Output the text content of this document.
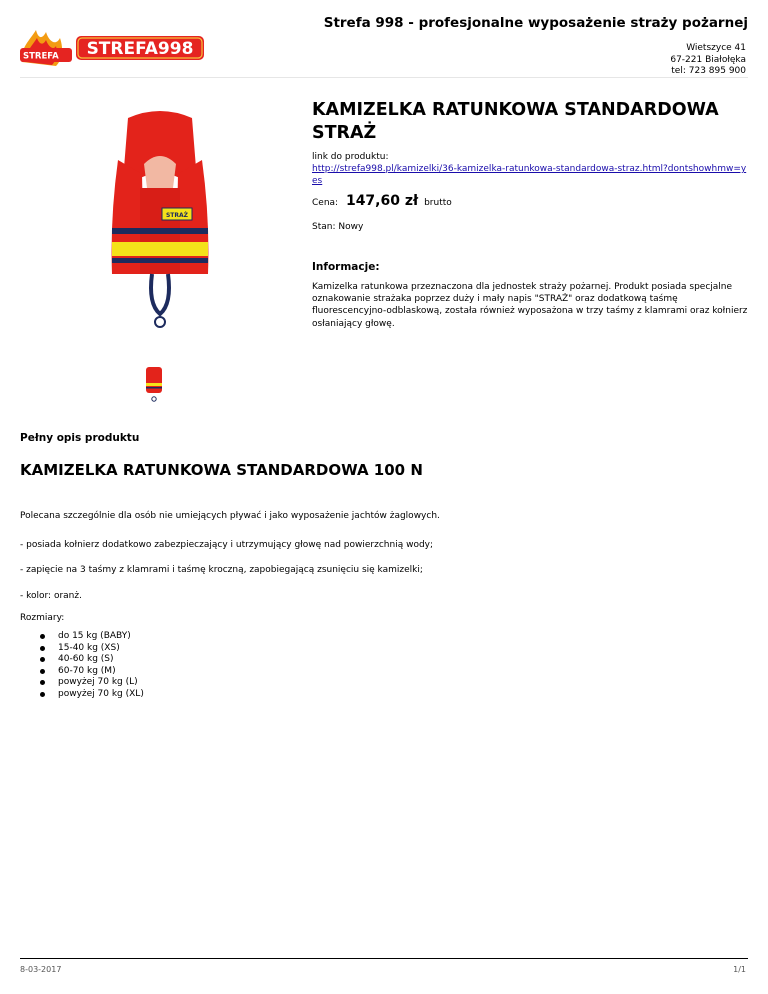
Strefa 998 - profesjonalne wyposażenie straży pożarnej
STREFA STREFA998	Wietszyce 41
67-221 Białołęka
tel: 723 895 900
STRAŻ
KAMIZELKA RATUNKOWA STANDARDOWA STRAŻ
link do produktu:
http://strefa998.pl/kamizelki/36-kamizelka-ratunkowa-standardowa-straz.html?dontshowhmw=yes
Cena: 147,60 zł brutto
Stan: Nowy
Informacje:
Kamizelka ratunkowa przeznaczona dla jednostek straży pożarnej. Produkt posiada specjalne oznakowanie strażaka poprzez duży i mały napis "STRAŻ" oraz dodatkową taśmę fluorescencyjno-odblaskową, została również wyposażona w trzy taśmy z klamrami oraz kołnierz osłaniający głowę.
Pełny opis produktu
KAMIZELKA RATUNKOWA STANDARDOWA 100 N
Polecana szczególnie dla osób nie umiejących pływać i jako wyposażenie jachtów żaglowych.
- posiada kołnierz dodatkowo zabezpieczający i utrzymujący głowę nad powierzchnią wody;
- zapięcie na 3 taśmy z klamrami i taśmę kroczną, zapobiegającą zsunięciu się kamizelki;
- kolor: oranż.
Rozmiary:
do 15 kg (BABY)
15-40 kg (XS)
40-60 kg (S)
60-70 kg (M)
powyżej 70 kg (L)
powyżej 70 kg (XL)
8-03-2017	1/1
